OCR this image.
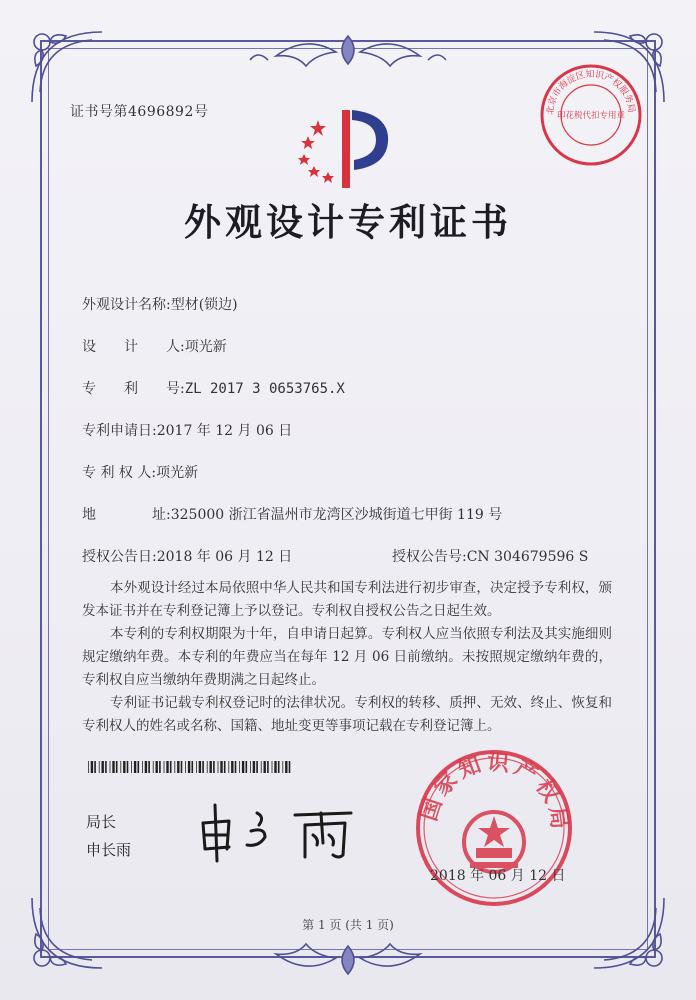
证书号第4696892号
外观设计专利证书
外观设计名称:型材(锁边)
设　　计　　人:项光新
专　　利　　号:ZL 2017 3 0653765.X
专利申请日:2017 年 12 月 06 日
专 利 权 人:项光新
地　　　　址:325000 浙江省温州市龙湾区沙城街道七甲街 119 号
授权公告日:2018 年 06 月 12 日	授权公告号:CN 304679596 S

本外观设计经过本局依照中华人民共和国专利法进行初步审查，决定授予专利权，颁发本证书并在专利登记簿上予以登记。专利权自授权公告之日起生效。

本专利的专利权期限为十年，自申请日起算。专利权人应当依照专利法及其实施细则规定缴纳年费。本专利的年费应当在每年 12 月 06 日前缴纳。未按照规定缴纳年费的，专利权自应当缴纳年费期满之日起终止。

专利证书记载专利权登记时的法律状况。专利权的转移、质押、无效、终止、恢复和专利权人的姓名或名称、国籍、地址变更等事项记载在专利登记簿上。

局长
申长雨
北京市海淀区知识产权服务局
印花税代扣专用章
国家知识产权局
2018 年 06 月 12 日
第 1 页 (共 1 页)
